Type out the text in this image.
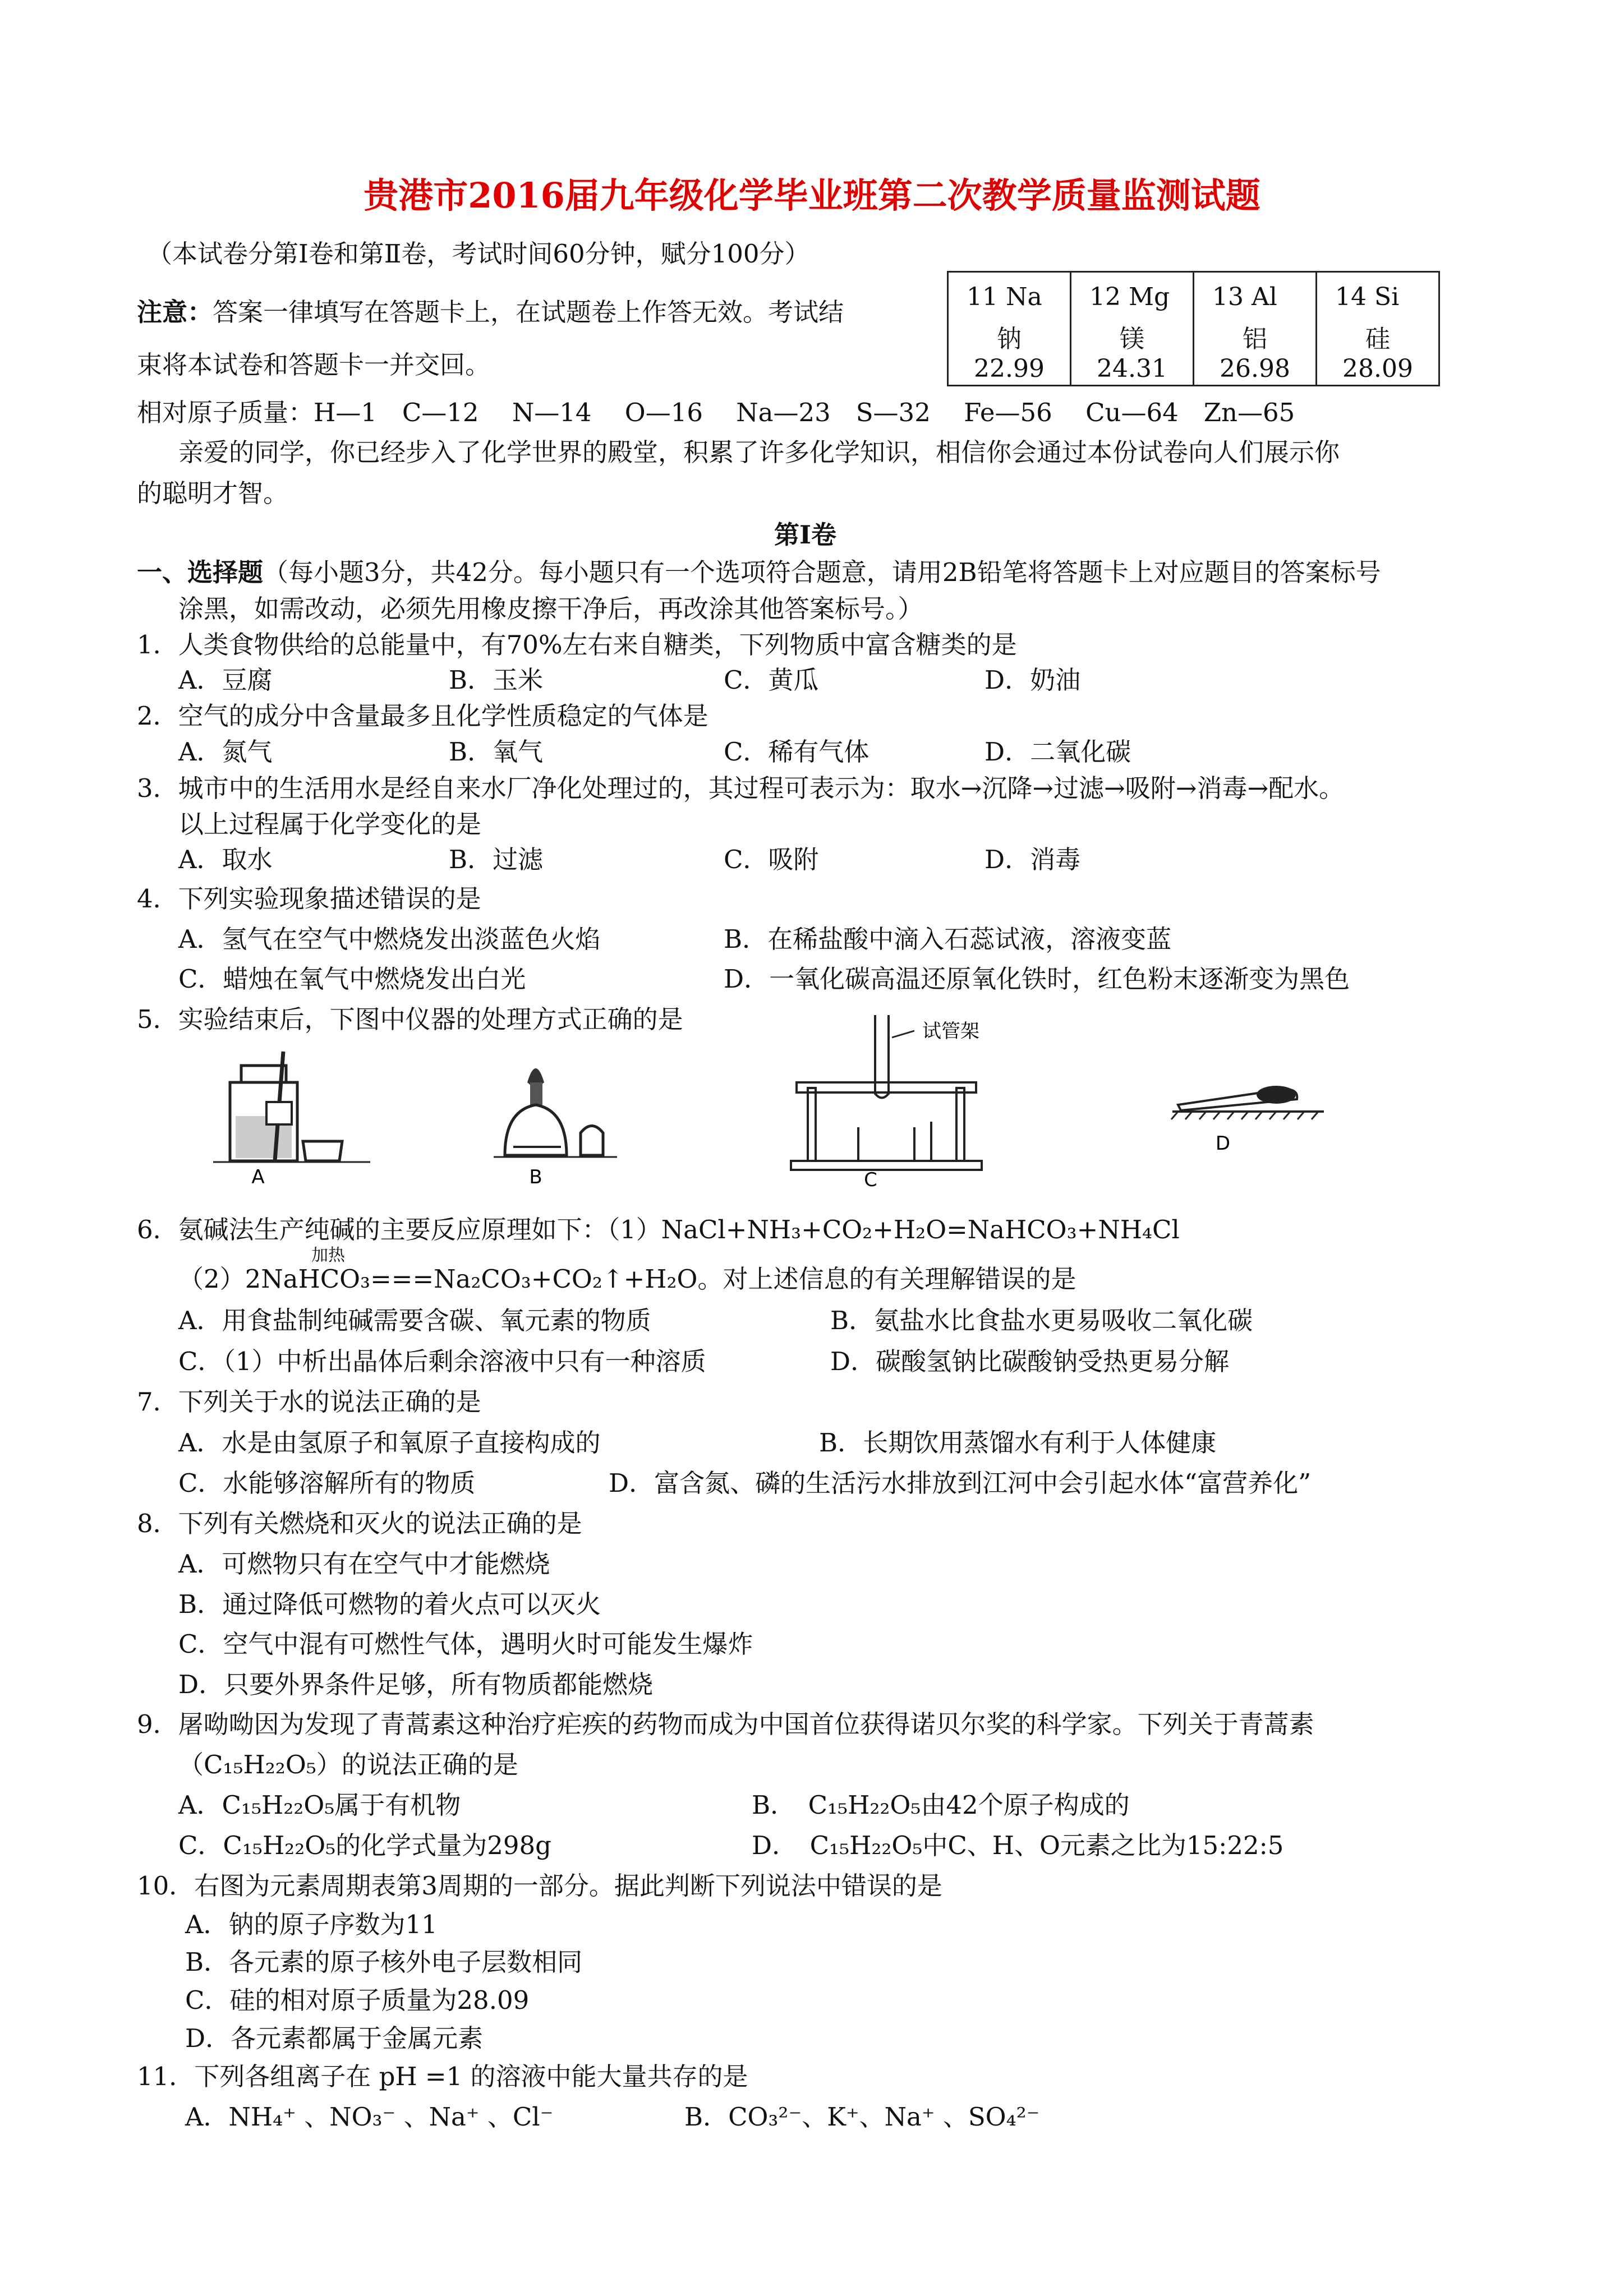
贵港市2016届九年级化学毕业班第二次教学质量监测试题
（本试卷分第Ⅰ卷和第Ⅱ卷，考试时间60分钟，赋分100分）
注意：答案一律填写在答题卡上，在试题卷上作答无效。考试结
束将本试卷和答题卡一并交回。
11 Na
钠
22.99

12 Mg
镁
24.31

13 Al
铝
26.98

14 Si
硅
28.09
相对原子质量：H—1　C—12　 N—14　 O—16　 Na—23　S—32　 Fe—56　 Cu—64　Zn—65
亲爱的同学，你已经步入了化学世界的殿堂，积累了许多化学知识，相信你会通过本份试卷向人们展示你
的聪明才智。
第Ⅰ卷
一、选择题（每小题3分，共42分。每小题只有一个选项符合题意，请用2B铅笔将答题卡上对应题目的答案标号
涂黑，如需改动，必须先用橡皮擦干净后，再改涂其他答案标号。）
1．人类食物供给的总能量中，有70%左右来自糖类，下列物质中富含糖类的是
A．豆腐	B．玉米	C．黄瓜	D．奶油
2．空气的成分中含量最多且化学性质稳定的气体是
A．氮气	B．氧气	C．稀有气体	D．二氧化碳
3．城市中的生活用水是经自来水厂净化处理过的，其过程可表示为：取水→沉降→过滤→吸附→消毒→配水。
以上过程属于化学变化的是
A．取水	B．过滤	C．吸附	D．消毒
4．下列实验现象描述错误的是
A．氢气在空气中燃烧发出淡蓝色火焰	B．在稀盐酸中滴入石蕊试液，溶液变蓝
C．蜡烛在氧气中燃烧发出白光	D．一氧化碳高温还原氧化铁时，红色粉末逐渐变为黑色
5．实验结束后，下图中仪器的处理方式正确的是
A	B
试管架
C
D
6．氨碱法生产纯碱的主要反应原理如下：（1）NaCl+NH₃+CO₂+H₂O=NaHCO₃+NH₄Cl
加热
（2）2NaHCO₃===Na₂CO₃+CO₂↑+H₂O。对上述信息的有关理解错误的是
A．用食盐制纯碱需要含碳、氧元素的物质	B．氨盐水比食盐水更易吸收二氧化碳
C．（1）中析出晶体后剩余溶液中只有一种溶质	D．碳酸氢钠比碳酸钠受热更易分解
7．下列关于水的说法正确的是
A．水是由氢原子和氧原子直接构成的	B．长期饮用蒸馏水有利于人体健康
C．水能够溶解所有的物质	D．富含氮、磷的生活污水排放到江河中会引起水体“富营养化”
8．下列有关燃烧和灭火的说法正确的是
A．可燃物只有在空气中才能燃烧
B．通过降低可燃物的着火点可以灭火
C．空气中混有可燃性气体，遇明火时可能发生爆炸
D．只要外界条件足够，所有物质都能燃烧
9．屠呦呦因为发现了青蒿素这种治疗疟疾的药物而成为中国首位获得诺贝尔奖的科学家。下列关于青蒿素
（C₁₅H₂₂O₅）的说法正确的是
A．C₁₅H₂₂O₅属于有机物	B．　C₁₅H₂₂O₅由42个原子构成的
C．C₁₅H₂₂O₅的化学式量为298g	D．　C₁₅H₂₂O₅中C、H、O元素之比为15:22:5
10．右图为元素周期表第3周期的一部分。据此判断下列说法中错误的是
A．钠的原子序数为11
B．各元素的原子核外电子层数相同
C．硅的相对原子质量为28.09
D．各元素都属于金属元素
11．下列各组离子在 pH =1 的溶液中能大量共存的是
A．NH₄⁺ 、NO₃⁻ 、Na⁺ 、Cl⁻	B．CO₃²⁻、K⁺、Na⁺ 、SO₄²⁻
